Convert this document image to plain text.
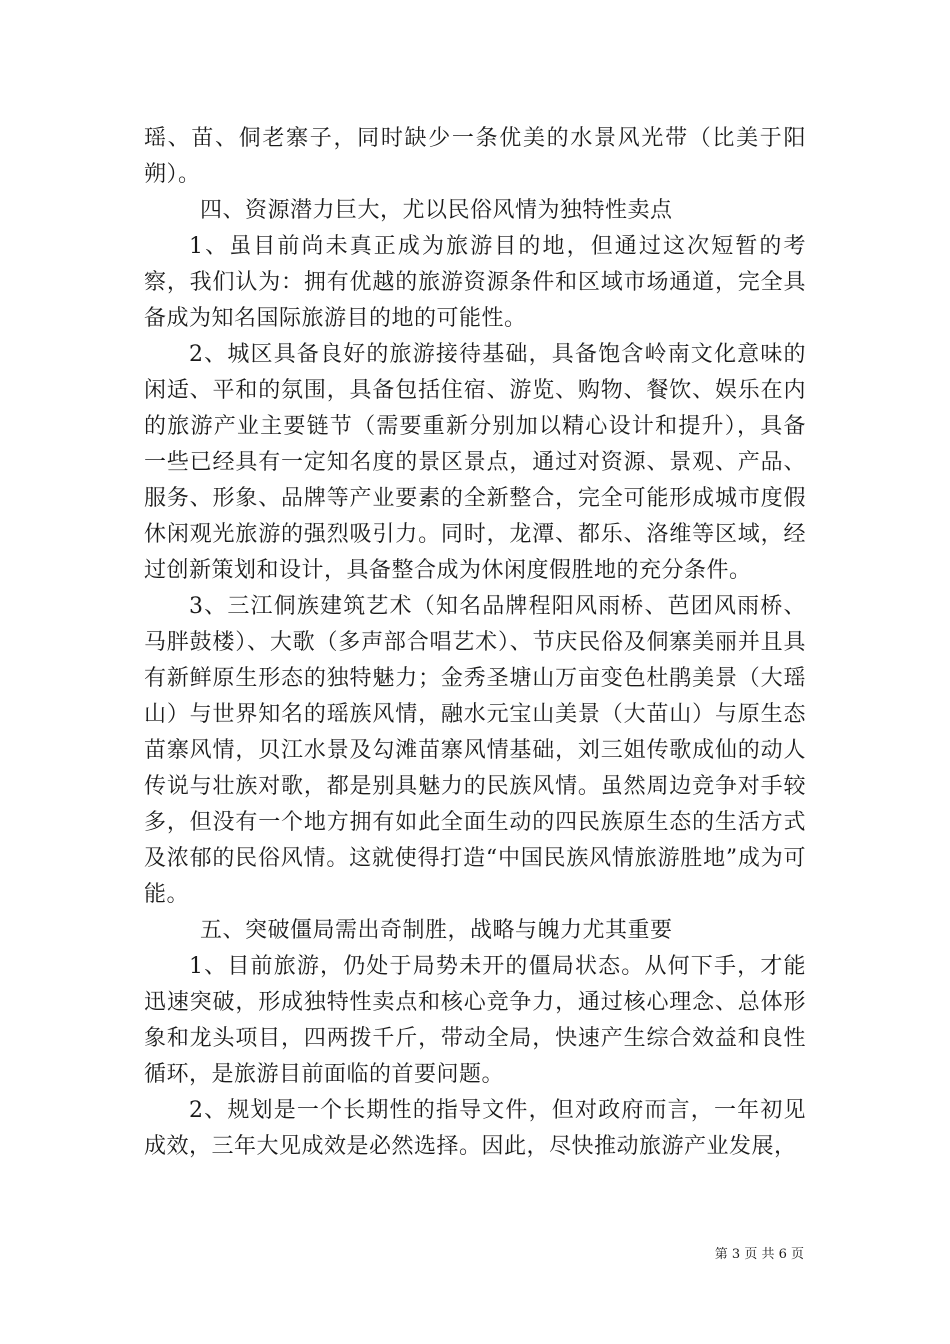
瑶、苗、侗老寨子，同时缺少一条优美的水景风光带（比美于阳朔）。

四、资源潜力巨大，尤以民俗风情为独特性卖点

1、虽目前尚未真正成为旅游目的地，但通过这次短暂的考察，我们认为：拥有优越的旅游资源条件和区域市场通道，完全具备成为知名国际旅游目的地的可能性。

2、城区具备良好的旅游接待基础，具备饱含岭南文化意味的闲适、平和的氛围，具备包括住宿、游览、购物、餐饮、娱乐在内的旅游产业主要链节（需要重新分别加以精心设计和提升），具备一些已经具有一定知名度的景区景点，通过对资源、景观、产品、服务、形象、品牌等产业要素的全新整合，完全可能形成城市度假休闲观光旅游的强烈吸引力。同时，龙潭、都乐、洛维等区域，经过创新策划和设计，具备整合成为休闲度假胜地的充分条件。

3、三江侗族建筑艺术（知名品牌程阳风雨桥、芭团风雨桥、马胖鼓楼）、大歌（多声部合唱艺术）、节庆民俗及侗寨美丽并且具有新鲜原生形态的独特魅力；金秀圣塘山万亩变色杜鹃美景（大瑶山）与世界知名的瑶族风情，融水元宝山美景（大苗山）与原生态苗寨风情，贝江水景及勾滩苗寨风情基础，刘三姐传歌成仙的动人传说与壮族对歌，都是别具魅力的民族风情。虽然周边竞争对手较多，但没有一个地方拥有如此全面生动的四民族原生态的生活方式及浓郁的民俗风情。这就使得打造“中国民族风情旅游胜地”成为可能。

五、突破僵局需出奇制胜，战略与魄力尤其重要

1、目前旅游，仍处于局势未开的僵局状态。从何下手，才能迅速突破，形成独特性卖点和核心竞争力，通过核心理念、总体形象和龙头项目，四两拨千斤，带动全局，快速产生综合效益和良性循环，是旅游目前面临的首要问题。

2、规划是一个长期性的指导文件，但对政府而言，一年初见成效，三年大见成效是必然选择。因此，尽快推动旅游产业发展，

第 3 页 共 6 页
